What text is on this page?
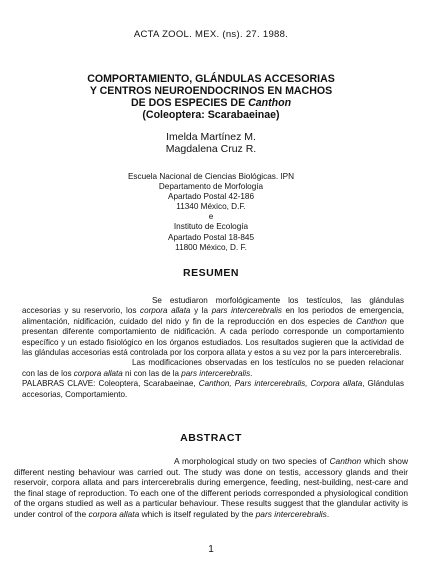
ACTA ZOOL. MEX. (ns). 27. 1988.
COMPORTAMIENTO, GLÁNDULAS ACCESORIAS
Y CENTROS NEUROENDOCRINOS EN MACHOS
DE DOS ESPECIES DE Canthon
(Coleoptera: Scarabaeinae)
Imelda Martínez M.
Magdalena Cruz R.
Escuela Nacional de Ciencias Biológicas. IPN
Departamento de Morfología
Apartado Postal 42-186
11340 México, D.F.
e
Instituto de Ecología
Apartado Postal 18-845
11800 México, D. F.
RESUMEN

Se estudiaron morfológicamente los testículos, las glándulas accesorias y su reservorio, los corpora allata y la pars intercerebralis en los periodos de emergencia, alimentación, nidificación, cuidado del nido y fin de la reproducción en dos especies de Canthon que presentan diferente comportamiento de nidificación. A cada período corresponde un comportamiento específico y un estado fisiológico en los órganos estudiados. Los resultados sugieren que la actividad de las glándulas accesorias está controlada por los corpora allata y estos a su vez por la pars intercerebralis.

Las modificaciones observadas en los testículos no se pueden relacionar con las de los corpora allata ni con las de la pars intercerebralis.

PALABRAS CLAVE: Coleoptera, Scarabaeinae, Canthon, Pars intercerebralis, Corpora allata, Glándulas accesorias, Comportamiento.

ABSTRACT

A morphological study on two species of Canthon which show different nesting behaviour was carried out. The study was done on testis, accessory glands and their reservoir, corpora allata and pars intercerebralis during emergence, feeding, nest-building, nest-care and the final stage of reproduction. To each one of the different periods corresponded a physiological condition of the organs studied as well as a particular behaviour. These results suggest that the glandular activity is under control of the corpora allata which is itself regulated by the pars intercerebralis.

1
